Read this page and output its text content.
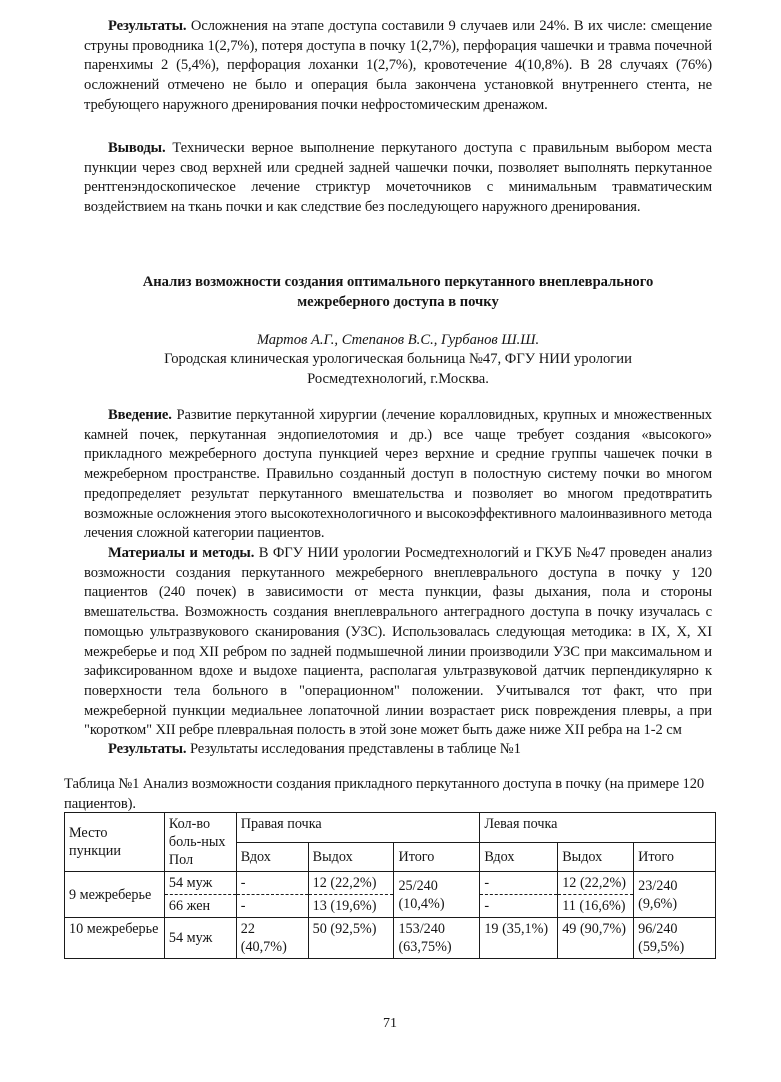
Результаты. Осложнения на этапе доступа составили 9 случаев или 24%. В их числе: смещение струны проводника 1(2,7%), потеря доступа в почку 1(2,7%), перфорация чашечки и травма почечной паренхимы 2 (5,4%), перфорация лоханки 1(2,7%), кровотечение 4(10,8%). В 28 случаях (76%) осложнений отмечено не было и операция была закончена установкой внутреннего стента, не требующего наружного дренирования почки нефростомическим дренажом.

Выводы. Технически верное выполнение перкутаного доступа с правильным выбором места пункции через свод верхней или средней задней чашечки почки, позволяет выполнять перкутанное рентгенэндоскопическое лечение стриктур мочеточников с минимальным травматическим воздействием на ткань почки и как следствие без последующего наружного дренирования.

Анализ возможности создания оптимального перкутанного внеплеврального
межреберного доступа в почку

Мартов А.Г., Степанов В.С., Гурбанов Ш.Ш.

Городская клиническая урологическая больница №47, ФГУ НИИ урологии
Росмедтехнологий, г.Москва.

Введение. Развитие перкутанной хирургии (лечение коралловидных, крупных и множественных камней почек, перкутанная эндопиелотомия и др.) все чаще требует создания «высокого» прикладного межреберного доступа пункцией через верхние и средние группы чашечек почки в межреберном пространстве. Правильно созданный доступ в полостную систему почки во многом предопределяет результат перкутанного вмешательства и позволяет во многом предотвратить возможные осложнения этого высокотехнологичного и высокоэффективного малоинвазивного метода лечения сложной категории пациентов.

Материалы и методы. В ФГУ НИИ урологии Росмедтехнологий и ГКУБ №47 проведен анализ возможности создания перкутанного межреберного внеплеврального доступа в почку у 120 пациентов (240 почек) в зависимости от места пункции, фазы дыхания, пола и стороны вмешательства. Возможность создания внеплеврального антеградного доступа в почку изучалась с помощью ультразвукового сканирования (УЗС). Использовалась следующая методика: в IX, X, XI межреберье и под XII ребром по задней подмышечной линии производили УЗС при максимальном и зафиксированном вдохе и выдохе пациента, располагая ультразвуковой датчик перпендикулярно к поверхности тела больного в "операционном" положении. Учитывался тот факт, что при межреберной пункции медиальнее лопаточной линии возрастает риск повреждения плевры, а при "коротком" XII ребре плевральная полость в этой зоне может быть даже ниже XII ребра на 1-2 см

Результаты. Результаты исследования представлены в таблице №1

Таблица №1 Анализ возможности создания прикладного перкутанного доступа в почку (на примере 120 пациентов).

Место пункции	Кол-во боль-ных Пол	Правая почка			Левая почка		
		Вдох	Выдох	Итого	Вдох	Выдох	Итого
9 межреберье	54 муж	-	12 (22,2%)	25/240 (10,4%)	-	12 (22,2%)	23/240 (9,6%)
	66 жен	-	13 (19,6%)		-	11 (16,6%)	
10 межреберье	54 муж	22 (40,7%)	50 (92,5%)	153/240 (63,75%)	19 (35,1%)	49 (90,7%)	96/240 (59,5%)
71
